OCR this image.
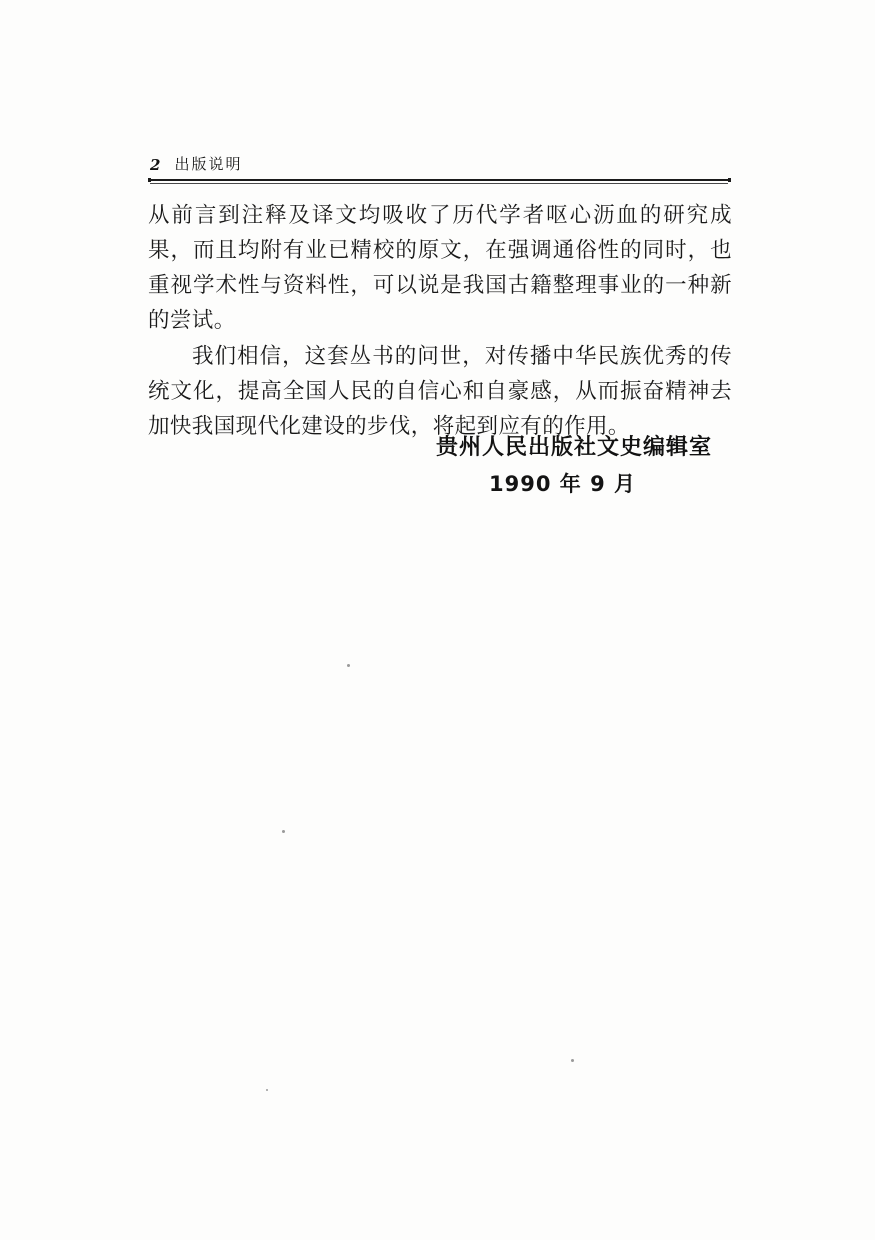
2 出版说明

从前言到注释及译文均吸收了历代学者呕心沥血的研究成果，而且均附有业已精校的原文，在强调通俗性的同时，也重视学术性与资料性，可以说是我国古籍整理事业的一种新的尝试。

我们相信，这套丛书的问世，对传播中华民族优秀的传统文化，提高全国人民的自信心和自豪感，从而振奋精神去加快我国现代化建设的步伐，将起到应有的作用。

贵州人民出版社文史编辑室
1990 年 9 月
